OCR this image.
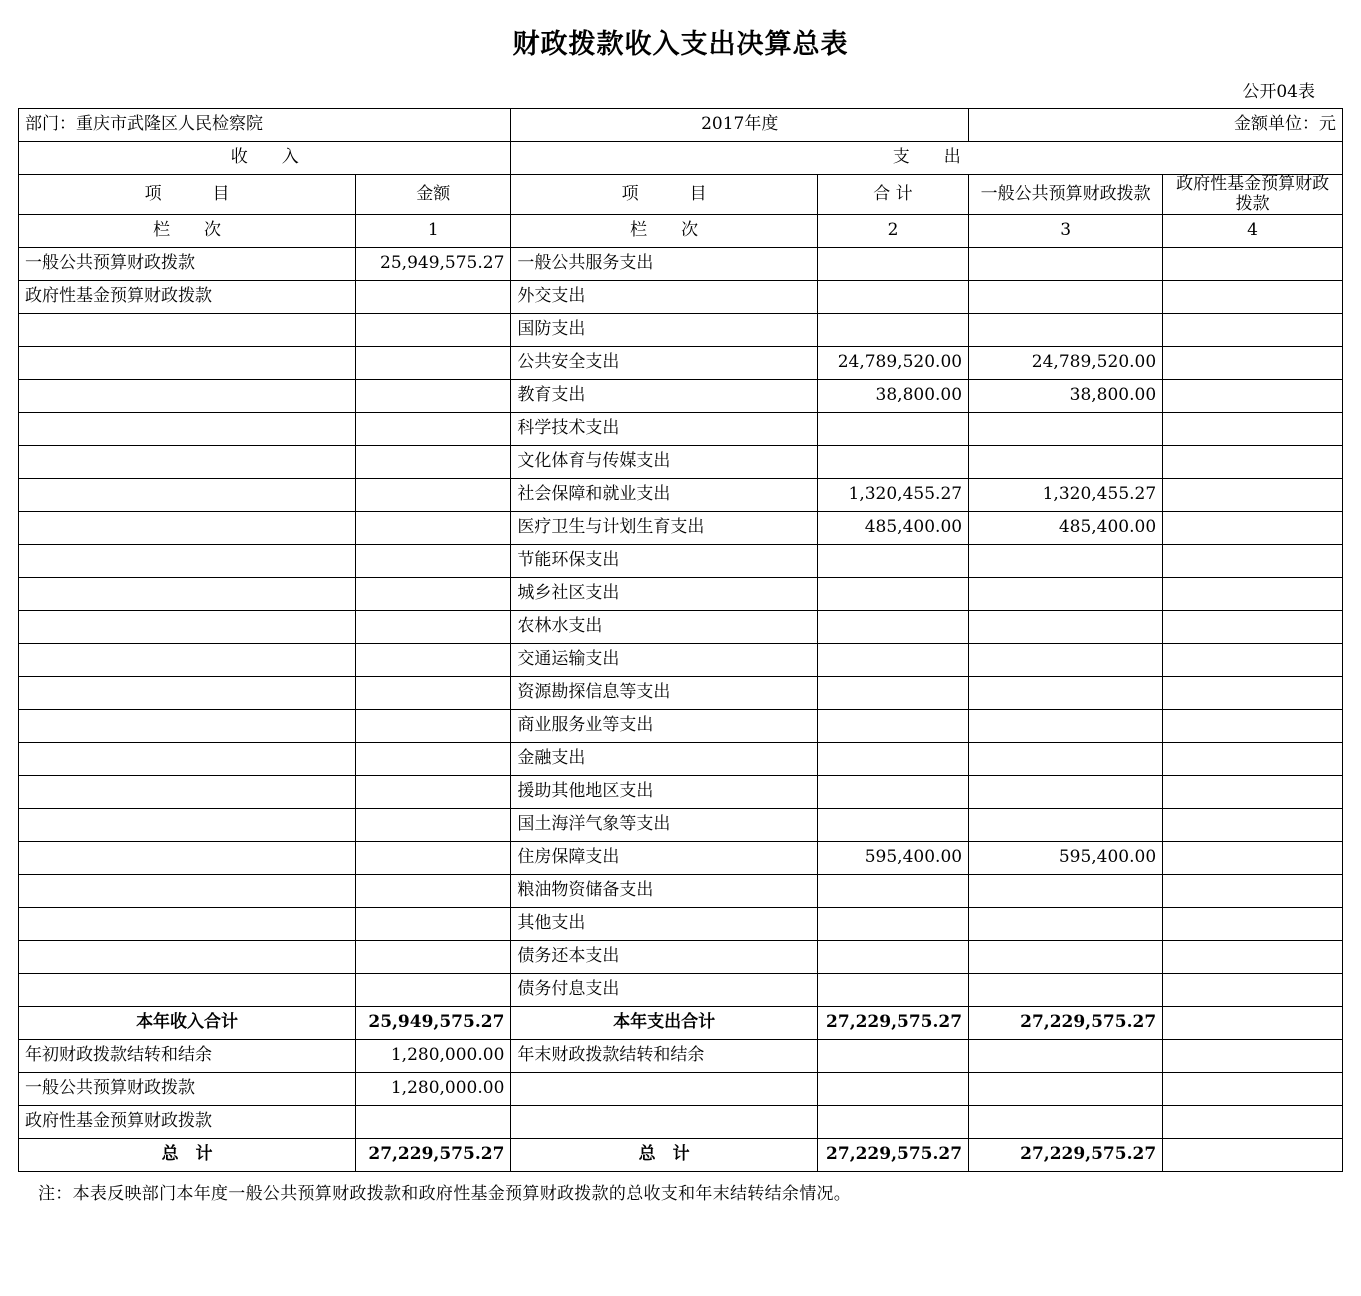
财政拨款收入支出决算总表
公开04表
部门：重庆市武隆区人民检察院		2017年度		金额单位：元	
收　　入		支　　出			
项　　　目	金额	项　　　目	合 计	一般公共预算财政拨款	政府性基金预算财政拨款
栏　　次	1	栏　　次	2	3	4
一般公共预算财政拨款	25,949,575.27	一般公共服务支出			
政府性基金预算财政拨款		外交支出			
		国防支出			
		公共安全支出	24,789,520.00	24,789,520.00	
		教育支出	38,800.00	38,800.00	
		科学技术支出			
		文化体育与传媒支出			
		社会保障和就业支出	1,320,455.27	1,320,455.27	
		医疗卫生与计划生育支出	485,400.00	485,400.00	
		节能环保支出			
		城乡社区支出			
		农林水支出			
		交通运输支出			
		资源勘探信息等支出			
		商业服务业等支出			
		金融支出			
		援助其他地区支出			
		国土海洋气象等支出			
		住房保障支出	595,400.00	595,400.00	
		粮油物资储备支出			
		其他支出			
		债务还本支出			
		债务付息支出			
本年收入合计	25,949,575.27	本年支出合计	27,229,575.27	27,229,575.27	
年初财政拨款结转和结余	1,280,000.00	年末财政拨款结转和结余			
一般公共预算财政拨款	1,280,000.00				
政府性基金预算财政拨款					
总　计	27,229,575.27	总　计	27,229,575.27	27,229,575.27	
注：本表反映部门本年度一般公共预算财政拨款和政府性基金预算财政拨款的总收支和年末结转结余情况。
